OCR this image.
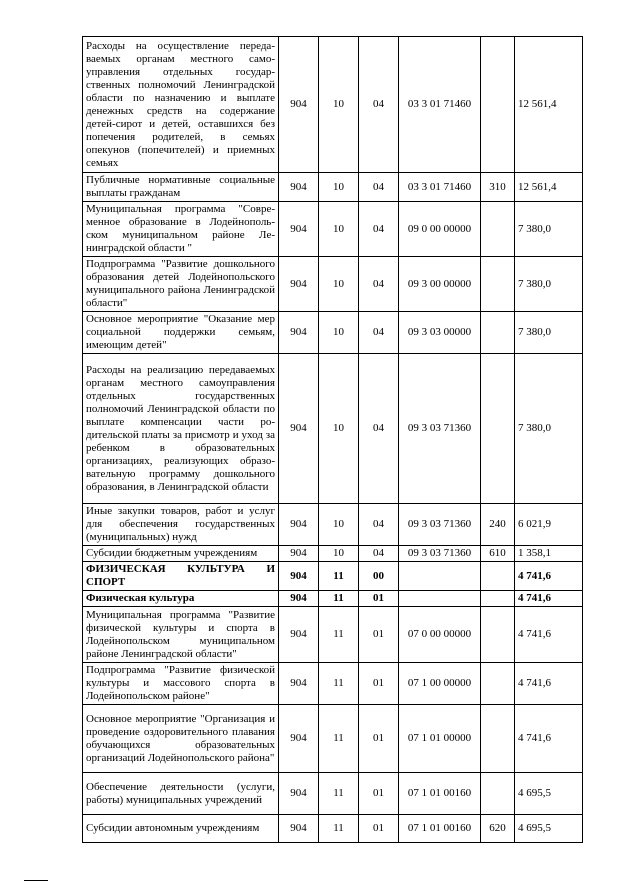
Расходы на осуществление передаваемых органам местного самоуправления отдельных государственных полномочий Ленинградской области по назначению и выплате денежных средств на содержание детей-сирот и детей, оставшихся без попечения родителей, в семьях опекунов (попечителей) и приемных семьях	904	10	04	03 3 01 71460		12 561,4
Публичные нормативные социальные выплаты гражданам	904	10	04	03 3 01 71460	310	12 561,4
Муниципальная программа "Современное образование в Лодейнопольском муниципальном районе Ленинградской области "	904	10	04	09 0 00 00000		7 380,0
Подпрограмма "Развитие дошкольного образования детей Лодейнопольского муниципального района Ленинградской области"	904	10	04	09 3 00 00000		7 380,0
Основное мероприятие "Оказание мер социальной поддержки семьям, имеющим детей"	904	10	04	09 3 03 00000		7 380,0
Расходы на реализацию передаваемых органам местного самоуправления отдельных государственных полномочий Ленинградской области по выплате компенсации части родительской платы за присмотр и уход за ребенком в образовательных организациях, реализующих образовательную программу дошкольного образования, в Ленинградской области	904	10	04	09 3 03 71360		7 380,0
Иные закупки товаров, работ и услуг для обеспечения государственных (муниципальных) нужд	904	10	04	09 3 03 71360	240	6 021,9
Субсидии бюджетным учреждениям	904	10	04	09 3 03 71360	610	1 358,1
ФИЗИЧЕСКАЯ КУЛЬТУРА И СПОРТ	904	11	00			4 741,6
Физическая культура	904	11	01			4 741,6
Муниципальная программа "Развитие физической культуры и спорта в Лодейнопольском муниципальном районе Ленинградской области"	904	11	01	07 0 00 00000		4 741,6
Подпрограмма "Развитие физической культуры и массового спорта в Лодейнопольском районе"	904	11	01	07 1 00 00000		4 741,6
Основное мероприятие "Организация и проведение оздоровительного плавания обучающихся образовательных организаций Лодейнопольского района"	904	11	01	07 1 01 00000		4 741,6
Обеспечение деятельности (услуги, работы) муниципальных учреждений	904	11	01	07 1 01 00160		4 695,5
Субсидии автономным учреждениям	904	11	01	07 1 01 00160	620	4 695,5
